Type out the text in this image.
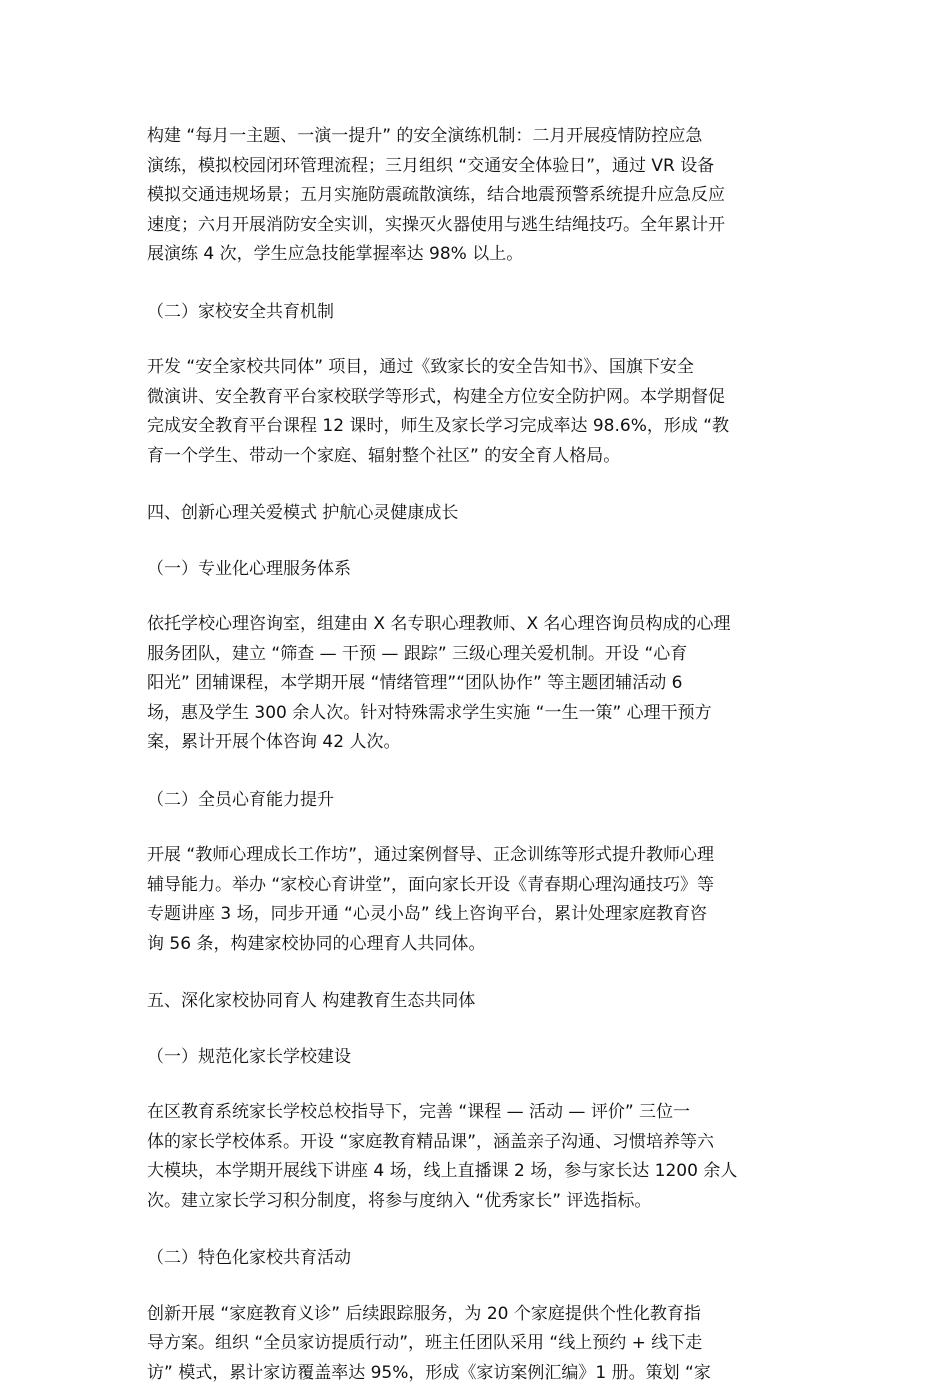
构建 “每月一主题、一演一提升” 的安全演练机制：二月开展疫情防控应急
演练，模拟校园闭环管理流程；三月组织 “交通安全体验日”，通过 VR 设备
模拟交通违规场景；五月实施防震疏散演练，结合地震预警系统提升应急反应
速度；六月开展消防安全实训，实操灭火器使用与逃生结绳技巧。全年累计开
展演练 4 次，学生应急技能掌握率达 98% 以上。
（二）家校安全共育机制
开发 “安全家校共同体” 项目，通过《致家长的安全告知书》、国旗下安全
微演讲、安全教育平台家校联学等形式，构建全方位安全防护网。本学期督促
完成安全教育平台课程 12 课时，师生及家长学习完成率达 98.6%，形成 “教
育一个学生、带动一个家庭、辐射整个社区” 的安全育人格局。
四、创新心理关爱模式 护航心灵健康成长
（一）专业化心理服务体系
依托学校心理咨询室，组建由 X 名专职心理教师、X 名心理咨询员构成的心理
服务团队，建立 “筛查 — 干预 — 跟踪” 三级心理关爱机制。开设 “心育
阳光” 团辅课程，本学期开展 “情绪管理”“团队协作” 等主题团辅活动 6
场，惠及学生 300 余人次。针对特殊需求学生实施 “一生一策” 心理干预方
案，累计开展个体咨询 42 人次。
（二）全员心育能力提升
开展 “教师心理成长工作坊”，通过案例督导、正念训练等形式提升教师心理
辅导能力。举办 “家校心育讲堂”，面向家长开设《青春期心理沟通技巧》等
专题讲座 3 场，同步开通 “心灵小岛” 线上咨询平台，累计处理家庭教育咨
询 56 条，构建家校协同的心理育人共同体。
五、深化家校协同育人 构建教育生态共同体
（一）规范化家长学校建设
在区教育系统家长学校总校指导下，完善 “课程 — 活动 — 评价” 三位一
体的家长学校体系。开设 “家庭教育精品课”，涵盖亲子沟通、习惯培养等六
大模块，本学期开展线下讲座 4 场，线上直播课 2 场，参与家长达 1200 余人
次。建立家长学习积分制度，将参与度纳入 “优秀家长” 评选指标。
（二）特色化家校共育活动
创新开展 “家庭教育义诊” 后续跟踪服务，为 20 个家庭提供个性化教育指
导方案。组织 “全员家访提质行动”，班主任团队采用 “线上预约 + 线下走
访” 模式，累计家访覆盖率达 95%，形成《家访案例汇编》1 册。策划 “家
